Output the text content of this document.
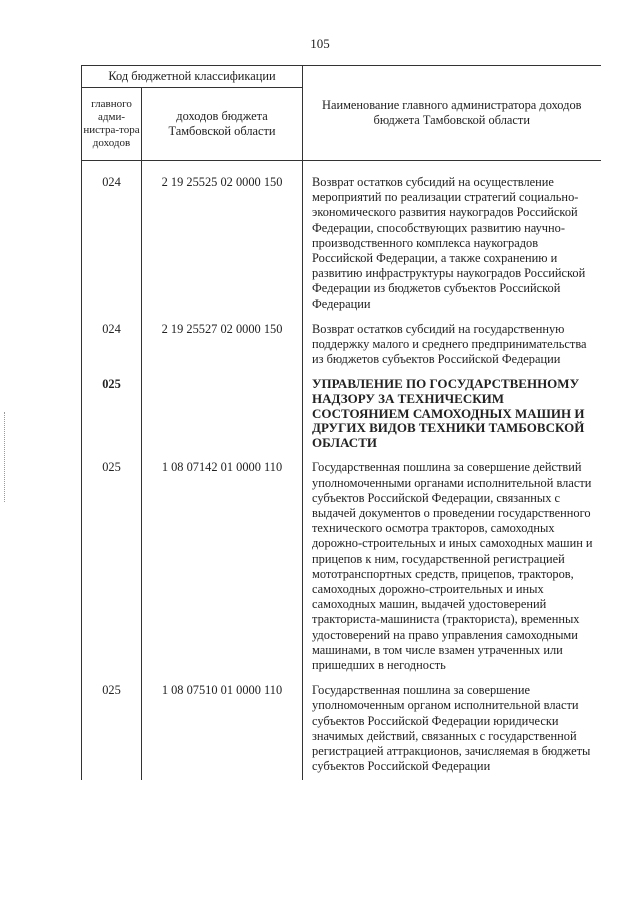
105
Код бюджетной классификации		Наименование главного администратора доходов бюджета Тамбовской области
главного адми-нистра-тора доходов	доходов бюджета Тамбовской области	
024	2 19 25525 02 0000 150	Возврат остатков субсидий на осуществление мероприятий по реализации стратегий социально-экономического развития наукоградов Российской Федерации, способствующих развитию научно-производственного комплекса наукоградов Российской Федерации, а также сохранению и развитию инфраструктуры наукоградов Российской Федерации из бюджетов субъектов Российской Федерации
024	2 19 25527 02 0000 150	Возврат остатков субсидий на государственную поддержку малого и среднего предпринимательства из бюджетов субъектов Российской Федерации
025		УПРАВЛЕНИЕ ПО ГОСУДАРСТВЕННОМУ НАДЗОРУ ЗА ТЕХНИЧЕСКИМ СОСТОЯНИЕМ САМОХОДНЫХ МАШИН И ДРУГИХ ВИДОВ ТЕХНИКИ ТАМБОВСКОЙ ОБЛАСТИ
025	1 08 07142 01 0000 110	Государственная пошлина за совершение действий уполномоченными органами исполнительной власти субъектов Российской Федерации, связанных с выдачей документов о проведении государственного технического осмотра тракторов, самоходных дорожно-строительных и иных самоходных машин и прицепов к ним, государственной регистрацией мототранспортных средств, прицепов, тракторов, самоходных дорожно-строительных и иных самоходных машин, выдачей удостоверений тракториста-машиниста (тракториста), временных удостоверений на право управления самоходными машинами, в том числе взамен утраченных или пришедших в негодность
025	1 08 07510 01 0000 110	Государственная пошлина за совершение уполномоченным органом исполнительной власти субъектов Российской Федерации юридически значимых действий, связанных с государственной регистрацией аттракционов, зачисляемая в бюджеты субъектов Российской Федерации
